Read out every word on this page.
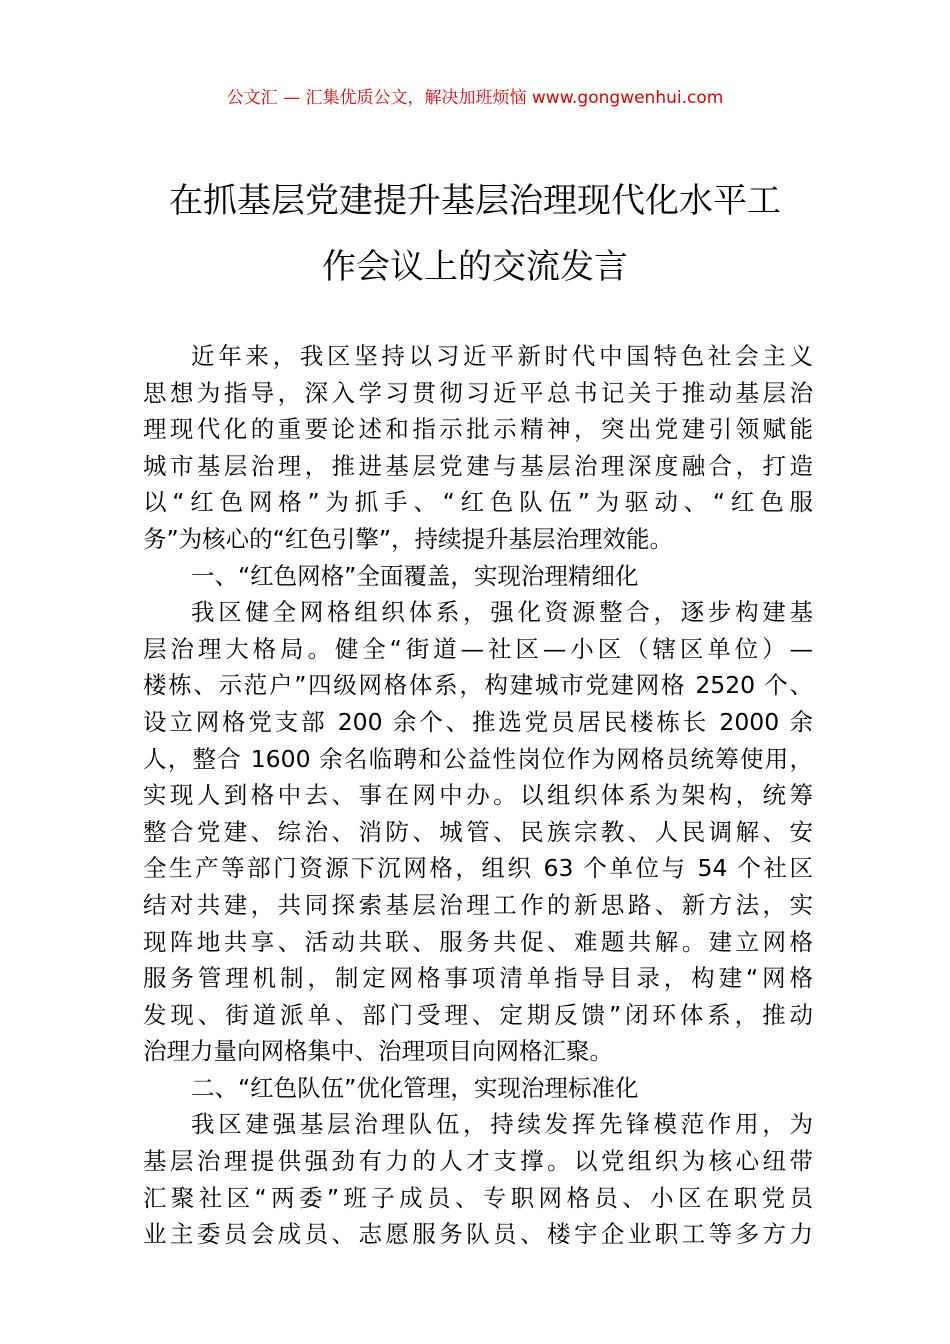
公文汇 — 汇集优质公文，解决加班烦恼 www.gongwenhui.com
在抓基层党建提升基层治理现代化水平工
作会议上的交流发言
近年来，我区坚持以习近平新时代中国特色社会主义
思想为指导，深入学习贯彻习近平总书记关于推动基层治
理现代化的重要论述和指示批示精神，突出党建引领赋能
城市基层治理，推进基层党建与基层治理深度融合，打造
以“红色网格”为抓手、“红色队伍”为驱动、“红色服
务”为核心的“红色引擎”，持续提升基层治理效能。
一、“红色网格”全面覆盖，实现治理精细化
我区健全网格组织体系，强化资源整合，逐步构建基
层治理大格局。健全“街道—社区—小区（辖区单位）—
楼栋、示范户”四级网格体系，构建城市党建网格 2520 个、
设立网格党支部 200 余个、推选党员居民楼栋长 2000 余
人，整合 1600 余名临聘和公益性岗位作为网格员统筹使用，
实现人到格中去、事在网中办。以组织体系为架构，统筹
整合党建、综治、消防、城管、民族宗教、人民调解、安
全生产等部门资源下沉网格，组织 63 个单位与 54 个社区
结对共建，共同探索基层治理工作的新思路、新方法，实
现阵地共享、活动共联、服务共促、难题共解。建立网格
服务管理机制，制定网格事项清单指导目录，构建“网格
发现、街道派单、部门受理、定期反馈”闭环体系，推动
治理力量向网格集中、治理项目向网格汇聚。
二、“红色队伍”优化管理，实现治理标准化
我区建强基层治理队伍，持续发挥先锋模范作用，为
基层治理提供强劲有力的人才支撑。以党组织为核心纽带
汇聚社区“两委”班子成员、专职网格员、小区在职党员
业主委员会成员、志愿服务队员、楼宇企业职工等多方力
